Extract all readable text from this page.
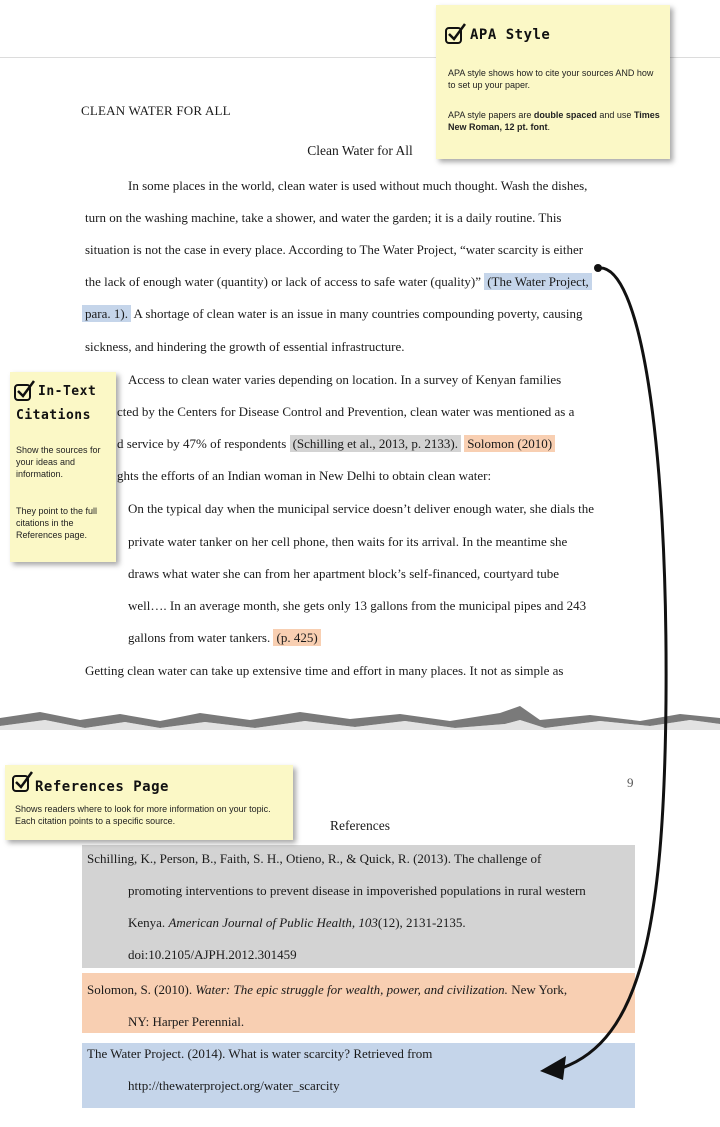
CLEAN WATER FOR ALL
Clean Water for All
In some places in the world, clean water is used without much thought. Wash the dishes,
turn on the washing machine, take a shower, and water the garden; it is a daily routine. This
situation is not the case in every place. According to The Water Project, “water scarcity is either
the lack of enough water (quantity) or lack of access to safe water (quality)” (The Water Project,
para. 1). A shortage of clean water is an issue in many countries compounding poverty, causing
sickness, and hindering the growth of essential infrastructure.
Access to clean water varies depending on location. In a survey of Kenyan families
cted by the Centers for Disease Control and Prevention, clean water was mentioned as a
d service by 47% of respondents (Schilling et al., 2013, p. 2133). Solomon (2010)
ghts the efforts of an Indian woman in New Delhi to obtain clean water:
On the typical day when the municipal service doesn’t deliver enough water, she dials the
private water tanker on her cell phone, then waits for its arrival. In the meantime she
draws what water she can from her apartment block’s self-financed, courtyard tube
well…. In an average month, she gets only 13 gallons from the municipal pipes and 243
gallons from water tankers. (p. 425)
Getting clean water can take up extensive time and effort in many places. It not as simple as
turning on a faucet…
9
References
Schilling, K., Person, B., Faith, S. H., Otieno, R., & Quick, R. (2013). The challenge of
promoting interventions to prevent disease in impoverished populations in rural western
Kenya. American Journal of Public Health, 103(12), 2131-2135.
doi:10.2105/AJPH.2012.301459
Solomon, S. (2010). Water: The epic struggle for wealth, power, and civilization. New York,
NY: Harper Perennial.
The Water Project. (2014). What is water scarcity? Retrieved from
http://thewaterproject.org/water_scarcity
APA Style
APA style shows how to cite your sources AND how to set up your paper.
APA style papers are double spaced and use Times New Roman, 12 pt. font.
In-Text
Citations
Show the sources for your ideas and information.
They point to the full citations in the References page.
References Page
Shows readers where to look for more information on your topic. Each citation points to a specific source.
